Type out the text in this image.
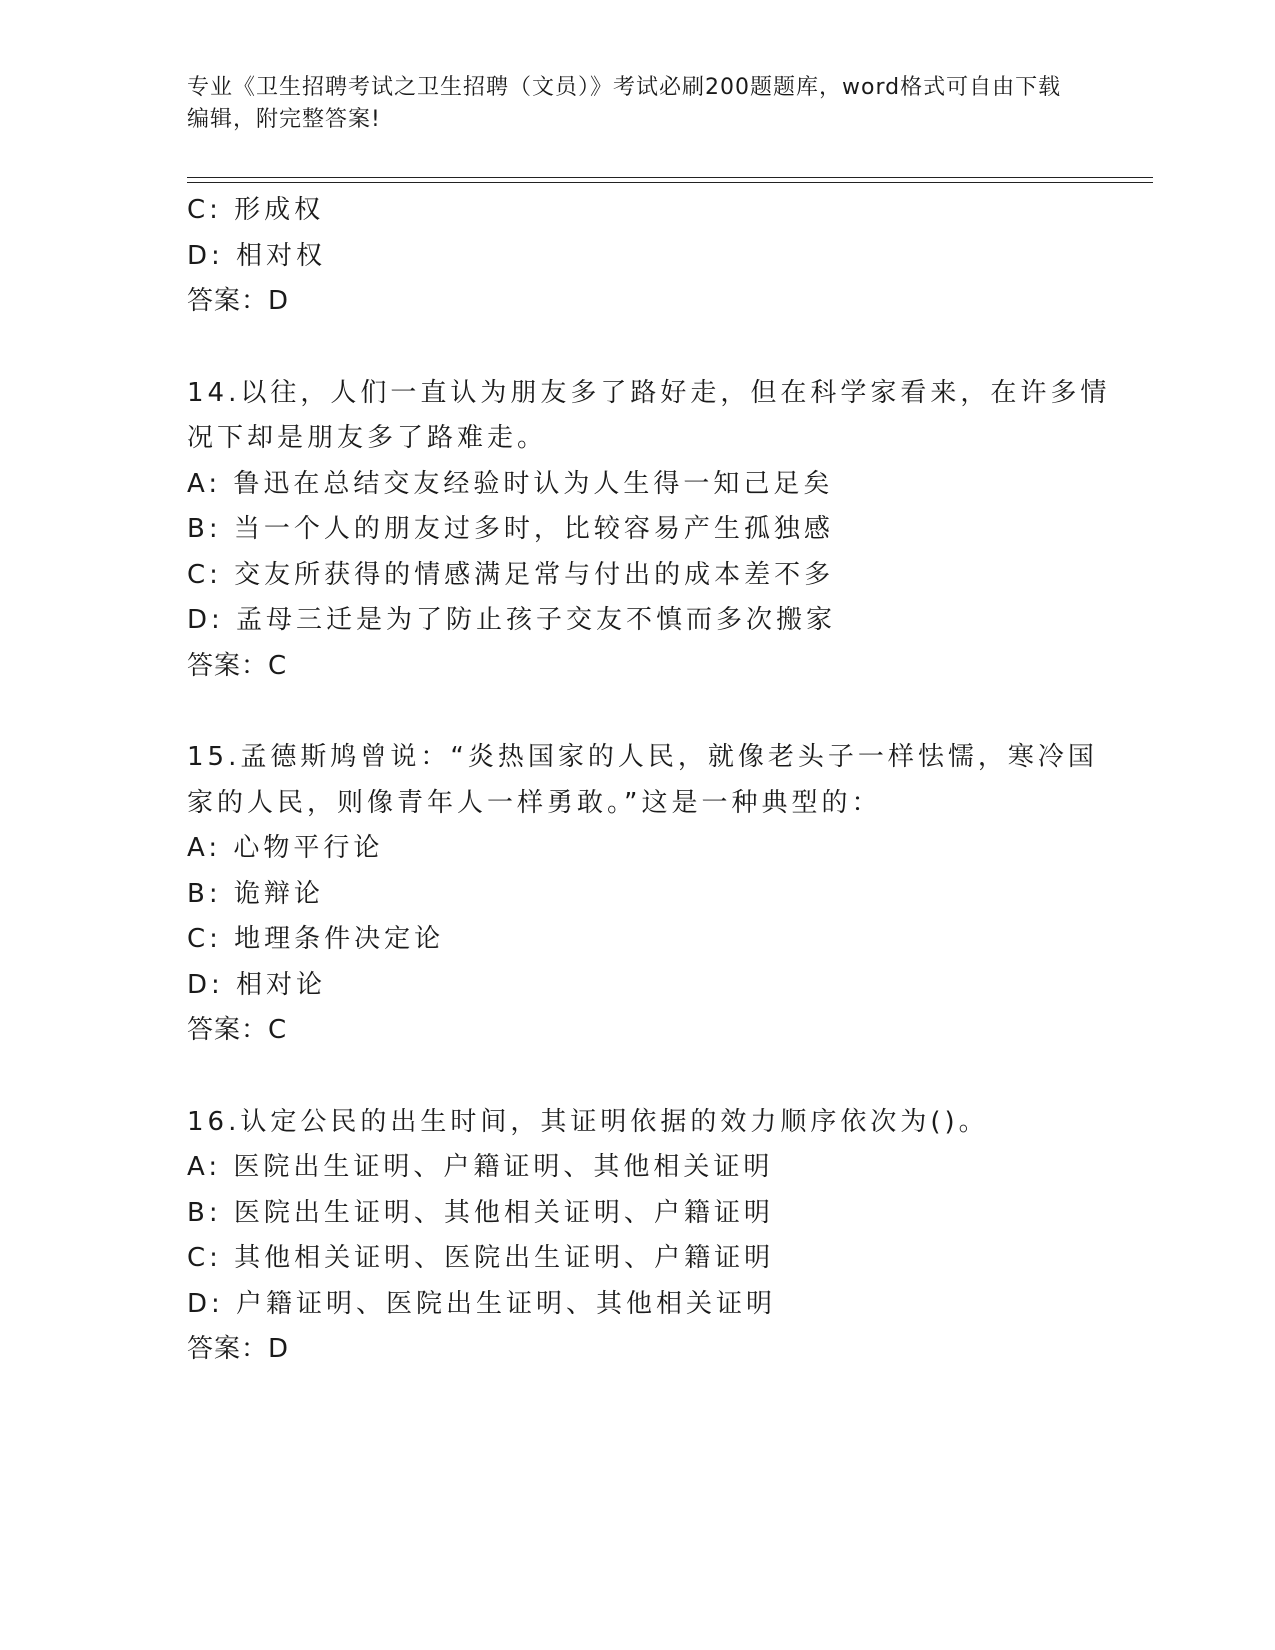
专业《卫生招聘考试之卫生招聘（文员）》考试必刷200题题库，word格式可自由下载编辑，附完整答案!
C: 形成权
D: 相对权
答案：D
14.以往，人们一直认为朋友多了路好走，但在科学家看来，在许多情
况下却是朋友多了路难走。
A: 鲁迅在总结交友经验时认为人生得一知己足矣
B: 当一个人的朋友过多时，比较容易产生孤独感
C: 交友所获得的情感满足常与付出的成本差不多
D: 孟母三迁是为了防止孩子交友不慎而多次搬家
答案：C
15.孟德斯鸠曾说：“炎热国家的人民，就像老头子一样怯懦，寒冷国
家的人民，则像青年人一样勇敢。”这是一种典型的：
A: 心物平行论
B: 诡辩论
C: 地理条件决定论
D: 相对论
答案：C
16.认定公民的出生时间，其证明依据的效力顺序依次为()。
A: 医院出生证明、户籍证明、其他相关证明
B: 医院出生证明、其他相关证明、户籍证明
C: 其他相关证明、医院出生证明、户籍证明
D: 户籍证明、医院出生证明、其他相关证明
答案：D
